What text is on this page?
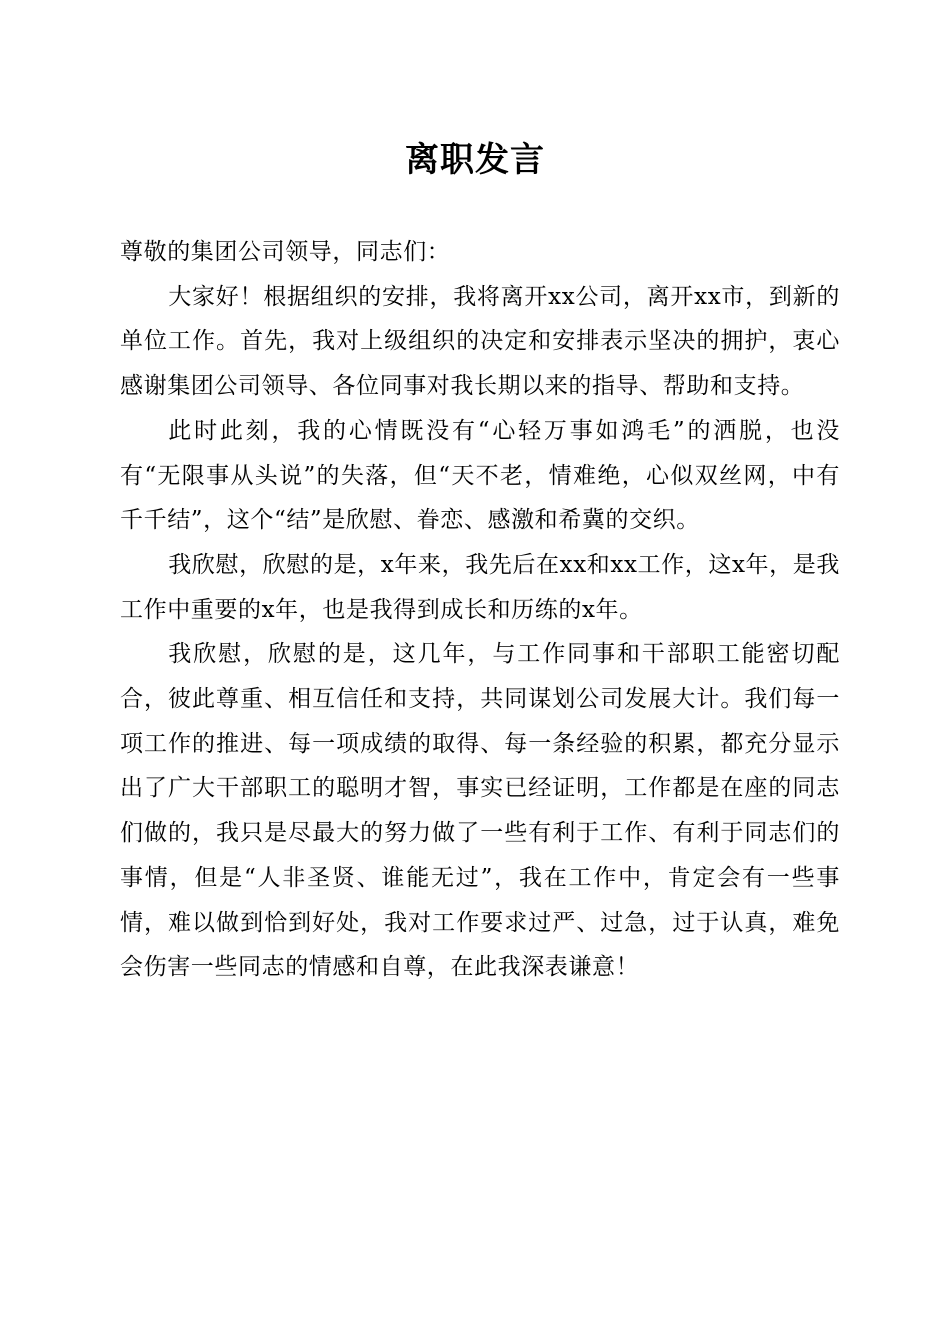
离职发言

尊敬的集团公司领导，同志们：

大家好！根据组织的安排，我将离开xx公司，离开xx市，到新的单位工作。首先，我对上级组织的决定和安排表示坚决的拥护，衷心感谢集团公司领导、各位同事对我长期以来的指导、帮助和支持。

此时此刻，我的心情既没有“心轻万事如鸿毛”的洒脱，也没有“无限事从头说”的失落，但“天不老，情难绝，心似双丝网，中有千千结”，这个“结”是欣慰、眷恋、感激和希冀的交织。

我欣慰，欣慰的是，x年来，我先后在xx和xx工作，这x年，是我工作中重要的x年，也是我得到成长和历练的x年。

我欣慰，欣慰的是，这几年，与工作同事和干部职工能密切配合，彼此尊重、相互信任和支持，共同谋划公司发展大计。我们每一项工作的推进、每一项成绩的取得、每一条经验的积累，都充分显示出了广大干部职工的聪明才智，事实已经证明，工作都是在座的同志们做的，我只是尽最大的努力做了一些有利于工作、有利于同志们的事情，但是“人非圣贤、谁能无过”，我在工作中，肯定会有一些事情，难以做到恰到好处，我对工作要求过严、过急，过于认真，难免会伤害一些同志的情感和自尊，在此我深表谦意！
